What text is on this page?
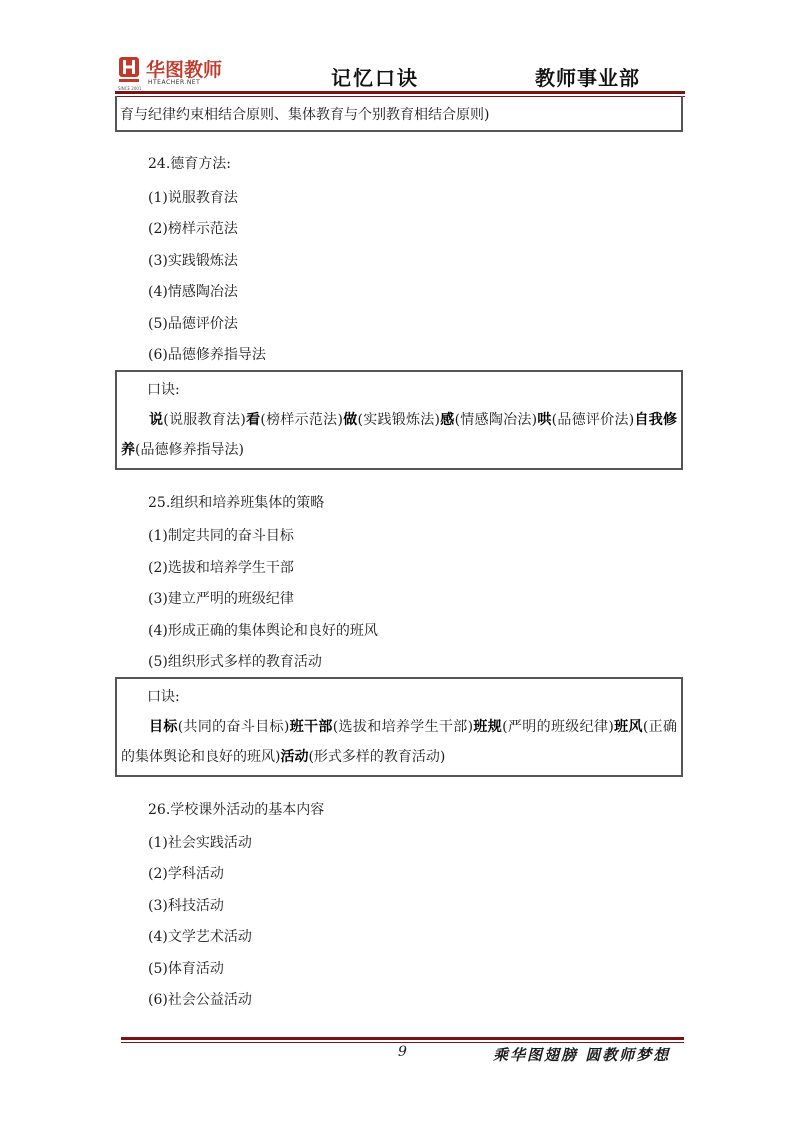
华图教师
HTEACHER.NET
SINCE 2001	记忆口诀	教师事业部

育与纪律约束相结合原则、集体教育与个别教育相结合原则)

24.德育方法:
(1)说服教育法
(2)榜样示范法
(3)实践锻炼法
(4)情感陶冶法
(5)品德评价法
(6)品德修养指导法

口诀:

说(说服教育法)看(榜样示范法)做(实践锻炼法)感(情感陶冶法)哄(品德评价法)自我修养(品德修养指导法)

25.组织和培养班集体的策略
(1)制定共同的奋斗目标
(2)选拔和培养学生干部
(3)建立严明的班级纪律
(4)形成正确的集体舆论和良好的班风
(5)组织形式多样的教育活动

口诀:

目标(共同的奋斗目标)班干部(选拔和培养学生干部)班规(严明的班级纪律)班风(正确的集体舆论和良好的班风)活动(形式多样的教育活动)

26.学校课外活动的基本内容
(1)社会实践活动
(2)学科活动
(3)科技活动
(4)文学艺术活动
(5)体育活动
(6)社会公益活动
9	乘华图翅膀 圆教师梦想
